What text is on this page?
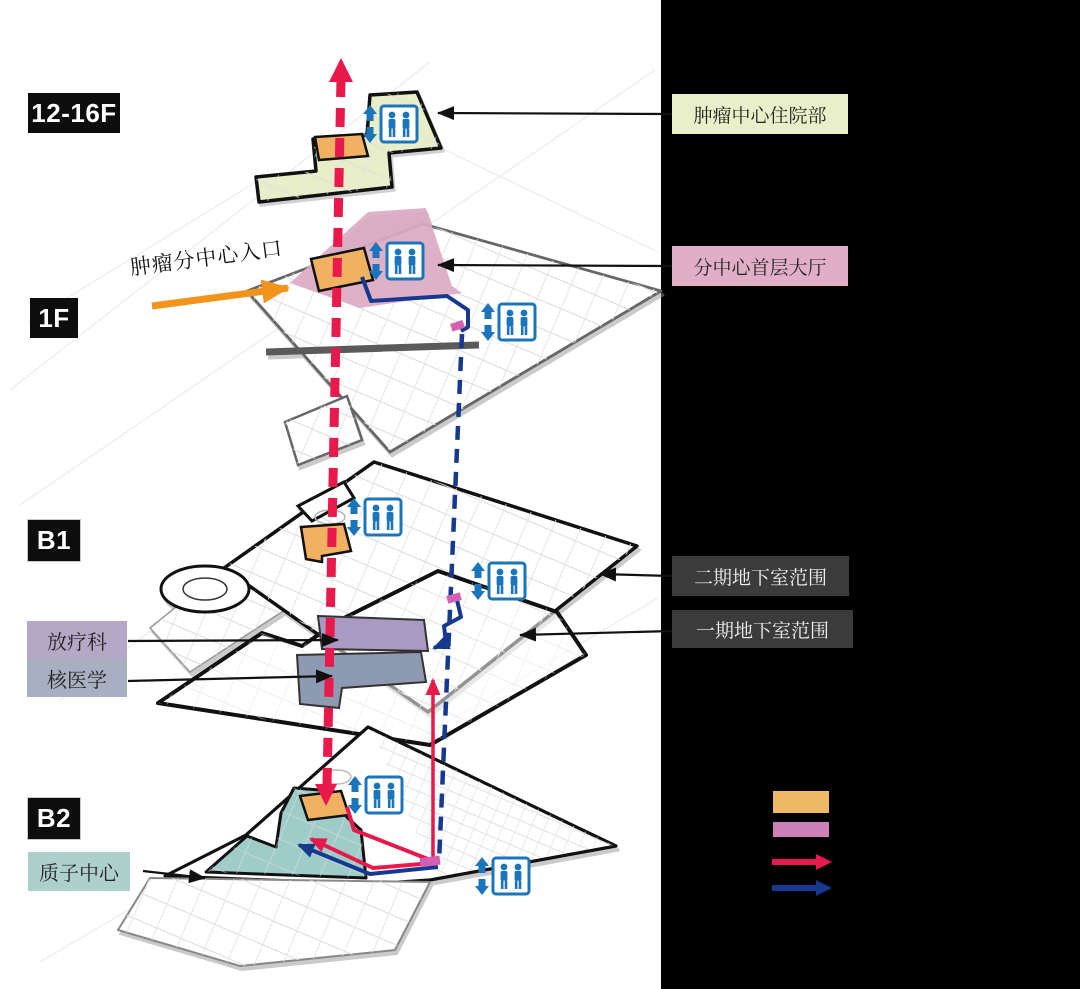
12-16F
1F
B1
B2
肿瘤分中心入口
肿瘤中心住院部
分中心首层大厅
二期地下室范围
一期地下室范围
放疗科
核医学
质子中心
